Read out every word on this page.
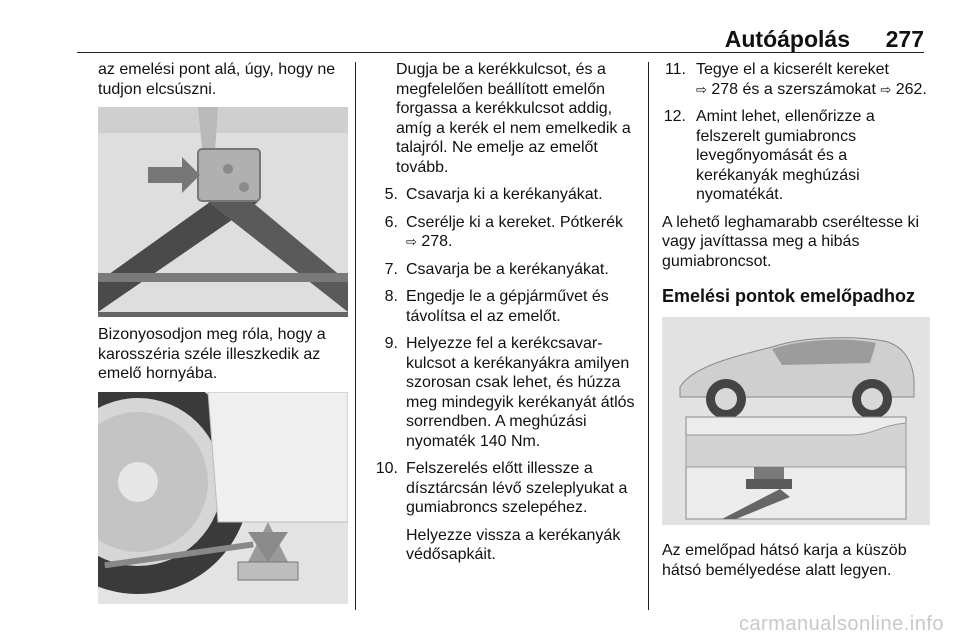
Autóápolás 277

az emelési pont alá, úgy, hogy ne tudjon elcsúszni.

Bizonyosodjon meg róla, hogy a karosszéria széle illeszkedik az emelő hornyába.

Dugja be a kerékkulcsot, és a megfelelően beállított emelőn forgassa a kerékkulcsot addig, amíg a kerék el nem emelkedik a talajról. Ne emelje az emelőt tovább.

5. Csavarja ki a kerékanyákat.
6. Cserélje ki a kereket. Pótkerék
⇨ 278.
7. Csavarja be a kerékanyákat.
8. Engedje le a gépjárművet és távolítsa el az emelőt.
9. Helyezze fel a kerékcsavar-kulcsot a kerékanyákra amilyen szorosan csak lehet, és húzza meg mindegyik kerékanyát átlós sorrendben. A meghúzási nyomaték 140 Nm.
10. Felszerelés előtt illessze a dísztárcsán lévő szeleplyukat a gumiabroncs szelepéhez.

Helyezze vissza a kerékanyák védősapkáit.

11. Tegye el a kicserélt kereket
⇨ 278 és a szerszámokat ⇨ 262.
12. Amint lehet, ellenőrizze a felszerelt gumiabroncs levegőnyomását és a kerékanyák meghúzási nyomatékát.

A lehető leghamarabb cseréltesse ki vagy javíttassa meg a hibás gumiabroncsot.

Emelési pontok emelőpadhoz

Az emelőpad hátsó karja a küszöb hátsó bemélyedése alatt legyen.

carmanualsonline.info
